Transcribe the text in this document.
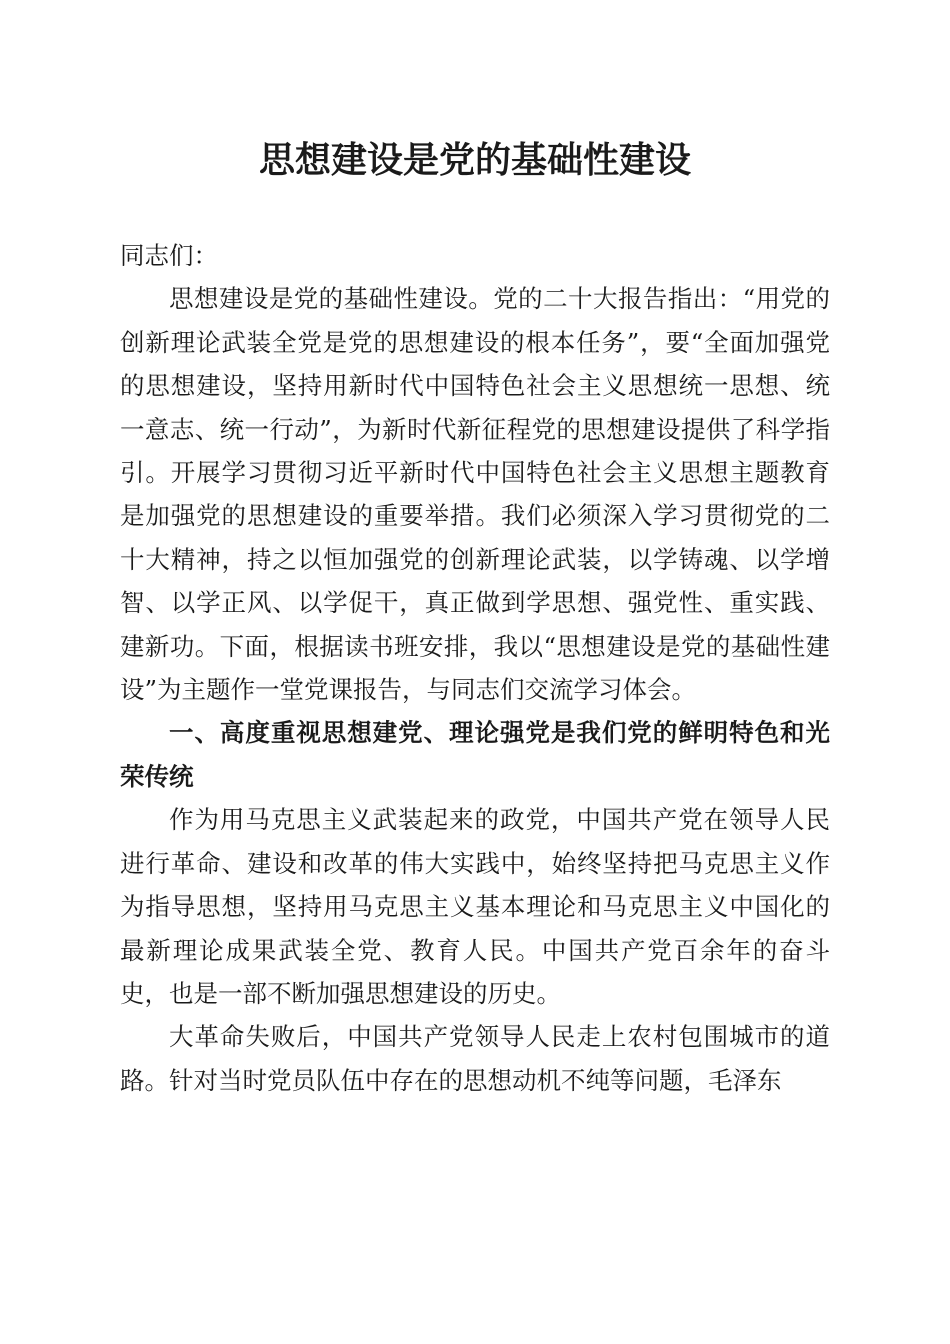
思想建设是党的基础性建设

同志们：

思想建设是党的基础性建设。党的二十大报告指出：“用党的创新理论武装全党是党的思想建设的根本任务”，要“全面加强党的思想建设，坚持用新时代中国特色社会主义思想统一思想、统一意志、统一行动”，为新时代新征程党的思想建设提供了科学指引。开展学习贯彻习近平新时代中国特色社会主义思想主题教育是加强党的思想建设的重要举措。我们必须深入学习贯彻党的二十大精神，持之以恒加强党的创新理论武装，以学铸魂、以学增智、以学正风、以学促干，真正做到学思想、强党性、重实践、建新功。下面，根据读书班安排，我以“思想建设是党的基础性建设”为主题作一堂党课报告，与同志们交流学习体会。

一、高度重视思想建党、理论强党是我们党的鲜明特色和光荣传统

作为用马克思主义武装起来的政党，中国共产党在领导人民进行革命、建设和改革的伟大实践中，始终坚持把马克思主义作为指导思想，坚持用马克思主义基本理论和马克思主义中国化的最新理论成果武装全党、教育人民。中国共产党百余年的奋斗史，也是一部不断加强思想建设的历史。

大革命失败后，中国共产党领导人民走上农村包围城市的道路。针对当时党员队伍中存在的思想动机不纯等问题，毛泽东
